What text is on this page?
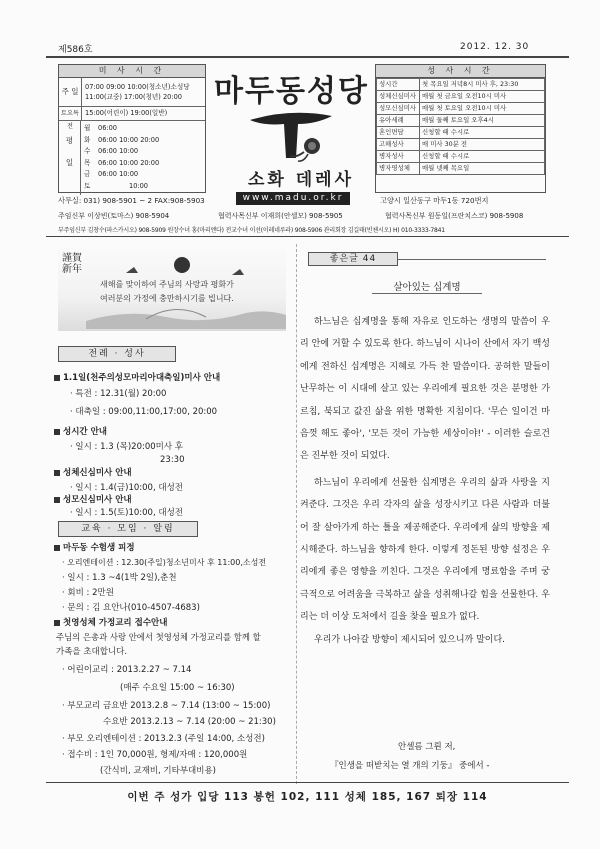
제586호	2012. 12. 30
미 사 시 간
주 일 07:00 09:00 10:00(청소년)소성당
11:00(교중) 17:00(청년) 20:00
토요특전
15:00(어린이) 19:00(일반)
평

일
월 06:00
화 06:00 10:00 20:00
수 06:00 10:00
목 06:00 10:00 20:00
금 06:00 10:00
토	10:00
마두동성당
소화 데레사
www.madu.or.kr
성 사 시 간
성시간	첫 목요일 저녁8시 미사 후, 23:30
성체신심미사	매월 첫 금요일 오전10시 미사
성모신심미사	매월 첫 토요일 오전10시 미사
유아세례	매월 둘째 토요일 오후4시
혼인면담	신청할 때 수시로
고해성사	매 미사 30분 전
병자성사	신청할 때 수시로
병자영성체	매월 넷째 목요일
사무실: 031) 908-5901 ~ 2 FAX:908-5903	고양시 일산동구 마두1동 720번지
주임신부 이상빈(토마스) 908-5904	협력사목신부 이재희(안셀모) 908-5905	협력사목신부 원동일(프란치스코) 908-5908
부주임신부 김창수(파스카시오) 908-5909 원장수녀 홍(마리엔다) 전교수녀 이선(이레네루라) 908-5906 관리회장 김길태(빈첸시오) H) 010-3333-7841
謹賀新年
새해를 맞이하여 주님의 사랑과 평화가
여러분의 가정에 충만하시기를 빕니다.
전례 · 성사
1.1일(천주의성모마리아대축일)미사 안내
· 특전 : 12.31(월) 20:00
· 대축일 : 09:00,11:00,17:00, 20:00
성시간 안내
· 일시 : 1.3 (목)20:00미사 후
23:30
성체신심미사 안내
· 일시 : 1.4(금)10:00, 대성전
성모신심미사 안내
· 일시 : 1.5(토)10:00, 대성전
교육 · 모임 · 알림
마두동 수험생 피정
· 오리엔테이션 : 12.30(주일)청소년미사 후 11:00,소성전
· 일시 : 1.3 ~4(1박 2일),춘천
· 회비 : 2만원
· 문의 : 김 요안나(010-4507-4683)
첫영성체 가정교리 접수안내
주님의 은총과 사랑 안에서 첫영성체 가정교리를 함께 할
가족을 초대합니다.
· 어린이교리 : 2013.2.27 ~ 7.14
(매주 수요일 15:00 ~ 16:30)
· 부모교리 금요반 2013.2.8 ~ 7.14 (13:00 ~ 15:00)
수요반 2013.2.13 ~ 7.14 (20:00 ~ 21:30)
· 부모 오리엔테이션 : 2013.2.3 (주일 14:00, 소성전)
· 접수비 : 1인 70,000원, 형제/자매 : 120,000원
(간식비, 교재비, 기타부대비용)
좋은글 44
살아있는 십계명

하느님은 십계명을 통해 자유로 인도하는 생명의 말씀이 우리 안에 거할 수 있도록 한다. 하느님이 시나이 산에서 자기 백성에게 전하신 십계명은 지혜로 가득 찬 말씀이다. 공허한 말들이 난무하는 이 시대에 살고 있는 우리에게 필요한 것은 분명한 가르침, 북되고 값진 삶을 위한 명확한 지침이다. '무슨 일이건 마음껏 해도 좋아', '모든 것이 가능한 세상이야!' - 이러한 슬로건은 진부한 것이 되었다.

하느님이 우리에게 선물한 십계명은 우리의 삶과 사랑을 지켜준다. 그것은 우리 각자의 삶을 성장시키고 다른 사람과 더불어 잘 살아가게 하는 틀을 제공해준다. 우리에게 삶의 방향을 제시해준다. 하느님을 향하게 한다. 이렇게 정돈된 방향 설정은 우리에게 좋은 영향을 끼친다. 그것은 우리에게 명료함을 주며 궁극적으로 어려움을 극복하고 삶을 성취해나갈 힘을 선물한다. 우리는 더 이상 도처에서 길을 찾을 필요가 없다.

우리가 나아갈 방향이 제시되어 있으니까 말이다.

안셀름 그륀 저,
『인생을 떠받치는 열 개의 기둥』 중에서 -
이번 주 성가 입당 113 봉헌 102, 111 성체 185, 167 퇴장 114
